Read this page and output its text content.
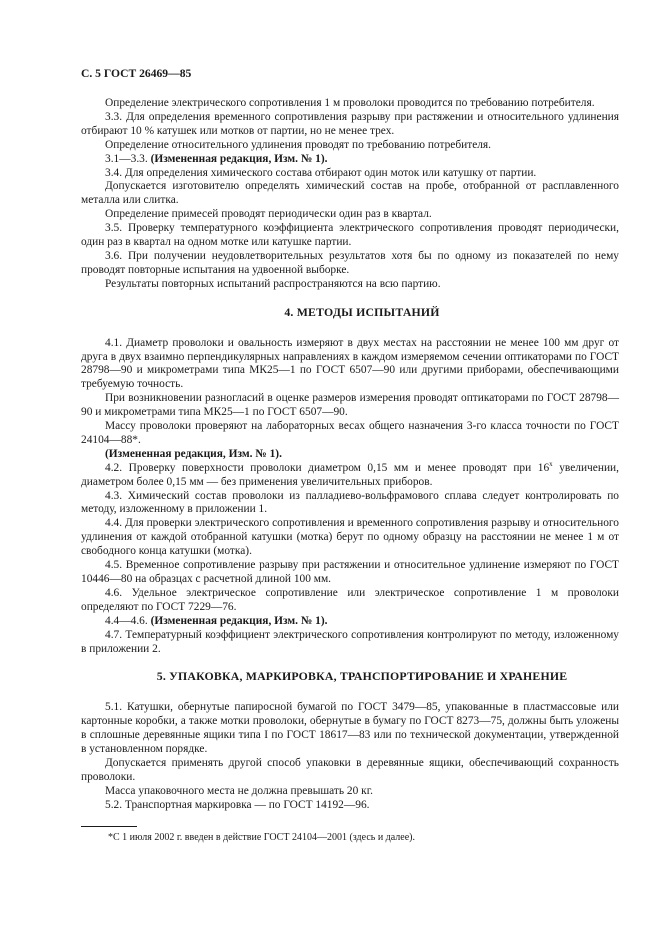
С. 5 ГОСТ 26469—85

Определение электрического сопротивления 1 м проволоки проводится по требованию потребителя.

3.3. Для определения временного сопротивления разрыву при растяжении и относительного удлинения отбирают 10 % катушек или мотков от партии, но не менее трех.

Определение относительного удлинения проводят по требованию потребителя.

3.1—3.3. (Измененная редакция, Изм. № 1).

3.4. Для определения химического состава отбирают один моток или катушку от партии.

Допускается изготовителю определять химический состав на пробе, отобранной от расплавленного металла или слитка.

Определение примесей проводят периодически один раз в квартал.

3.5. Проверку температурного коэффициента электрического сопротивления проводят периодически, один раз в квартал на одном мотке или катушке партии.

3.6. При получении неудовлетворительных результатов хотя бы по одному из показателей по нему проводят повторные испытания на удвоенной выборке.

Результаты повторных испытаний распространяются на всю партию.

4. МЕТОДЫ ИСПЫТАНИЙ

4.1. Диаметр проволоки и овальность измеряют в двух местах на расстоянии не менее 100 мм друг от друга в двух взаимно перпендикулярных направлениях в каждом измеряемом сечении оптикаторами по ГОСТ 28798—90 и микрометрами типа МК25—1 по ГОСТ 6507—90 или другими приборами, обеспечивающими требуемую точность.

При возникновении разногласий в оценке размеров измерения проводят оптикаторами по ГОСТ 28798—90 и микрометрами типа МК25—1 по ГОСТ 6507—90.

Массу проволоки проверяют на лабораторных весах общего назначения 3-го класса точности по ГОСТ 24104—88*.

(Измененная редакция, Изм. № 1).

4.2. Проверку поверхности проволоки диаметром 0,15 мм и менее проводят при $16^х$ увеличении, диаметром более 0,15 мм — без применения увеличительных приборов.

4.3. Химический состав проволоки из палладиево-вольфрамового сплава следует контролировать по методу, изложенному в приложении 1.

4.4. Для проверки электрического сопротивления и временного сопротивления разрыву и относительного удлинения от каждой отобранной катушки (мотка) берут по одному образцу на расстоянии не менее 1 м от свободного конца катушки (мотка).

4.5. Временное сопротивление разрыву при растяжении и относительное удлинение измеряют по ГОСТ 10446—80 на образцах с расчетной длиной 100 мм.

4.6. Удельное электрическое сопротивление или электрическое сопротивление 1 м проволоки определяют по ГОСТ 7229—76.

4.4—4.6. (Измененная редакция, Изм. № 1).

4.7. Температурный коэффициент электрического сопротивления контролируют по методу, изложенному в приложении 2.

5. УПАКОВКА, МАРКИРОВКА, ТРАНСПОРТИРОВАНИЕ И ХРАНЕНИЕ

5.1. Катушки, обернутые папиросной бумагой по ГОСТ 3479—85, упакованные в пластмассовые или картонные коробки, а также мотки проволоки, обернутые в бумагу по ГОСТ 8273—75, должны быть уложены в сплошные деревянные ящики типа I по ГОСТ 18617—83 или по технической документации, утвержденной в установленном порядке.

Допускается применять другой способ упаковки в деревянные ящики, обеспечивающий сохранность проволоки.

Масса упаковочного места не должна превышать 20 кг.

5.2. Транспортная маркировка — по ГОСТ 14192—96.

*С 1 июля 2002 г. введен в действие ГОСТ 24104—2001 (здесь и далее).
